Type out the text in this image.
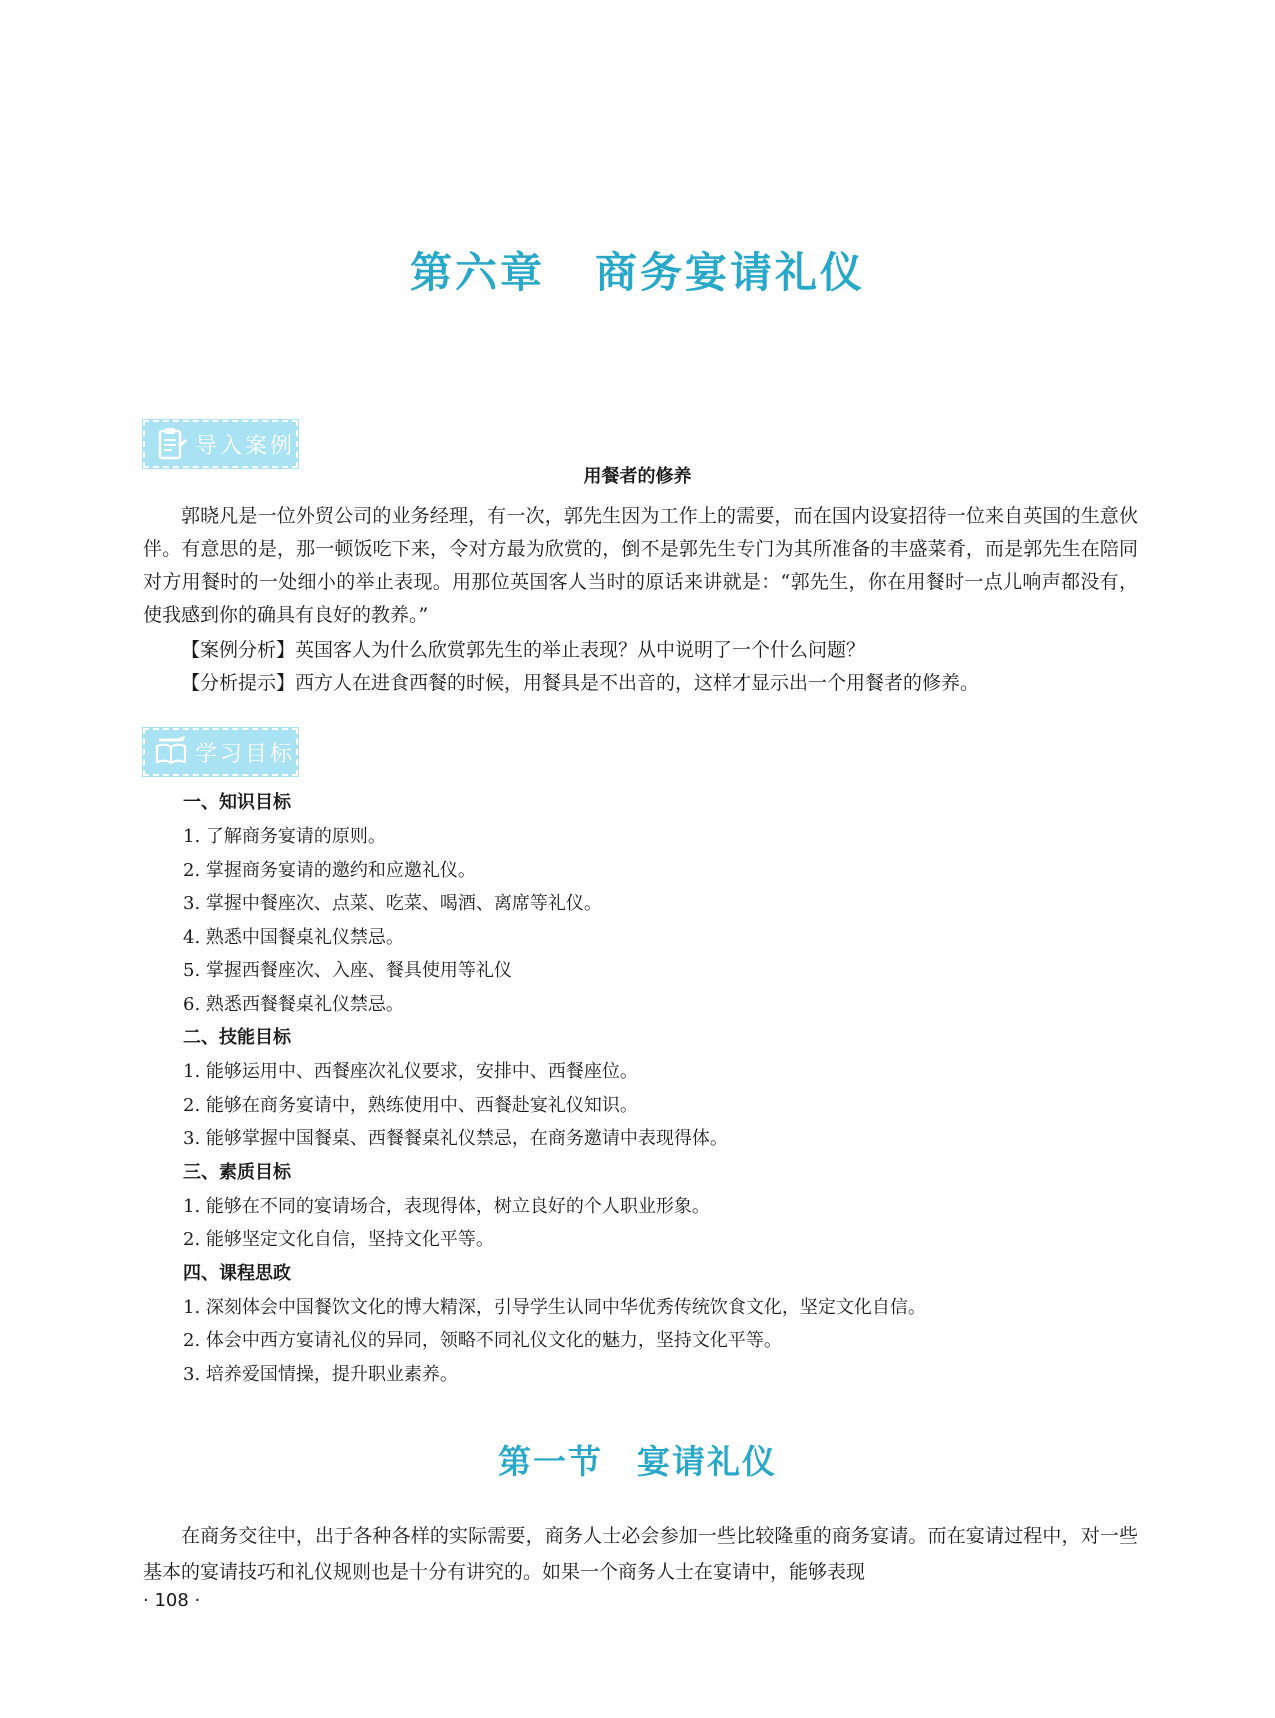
第六章 商务宴请礼仪
导入案例
用餐者的修养

郭晓凡是一位外贸公司的业务经理，有一次，郭先生因为工作上的需要，而在国内设宴招待一位来自英国的生意伙伴。有意思的是，那一顿饭吃下来，令对方最为欣赏的，倒不是郭先生专门为其所准备的丰盛菜肴，而是郭先生在陪同对方用餐时的一处细小的举止表现。用那位英国客人当时的原话来讲就是：“郭先生，你在用餐时一点儿响声都没有，使我感到你的确具有良好的教养。”

【案例分析】英国客人为什么欣赏郭先生的举止表现？从中说明了一个什么问题？

【分析提示】西方人在进食西餐的时候，用餐具是不出音的，这样才显示出一个用餐者的修养。

学习目标

一、知识目标

1. 了解商务宴请的原则。
2. 掌握商务宴请的邀约和应邀礼仪。
3. 掌握中餐座次、点菜、吃菜、喝酒、离席等礼仪。
4. 熟悉中国餐桌礼仪禁忌。
5. 掌握西餐座次、入座、餐具使用等礼仪
6. 熟悉西餐餐桌礼仪禁忌。

二、技能目标

1. 能够运用中、西餐座次礼仪要求，安排中、西餐座位。
2. 能够在商务宴请中，熟练使用中、西餐赴宴礼仪知识。
3. 能够掌握中国餐桌、西餐餐桌礼仪禁忌，在商务邀请中表现得体。

三、素质目标

1. 能够在不同的宴请场合，表现得体，树立良好的个人职业形象。
2. 能够坚定文化自信，坚持文化平等。

四、课程思政

1. 深刻体会中国餐饮文化的博大精深，引导学生认同中华优秀传统饮食文化，坚定文化自信。
2. 体会中西方宴请礼仪的异同，领略不同礼仪文化的魅力，坚持文化平等。
3. 培养爱国情操，提升职业素养。
第一节 宴请礼仪

在商务交往中，出于各种各样的实际需要，商务人士必会参加一些比较隆重的商务宴请。而在宴请过程中，对一些基本的宴请技巧和礼仪规则也是十分有讲究的。如果一个商务人士在宴请中，能够表现

· 108 ·
